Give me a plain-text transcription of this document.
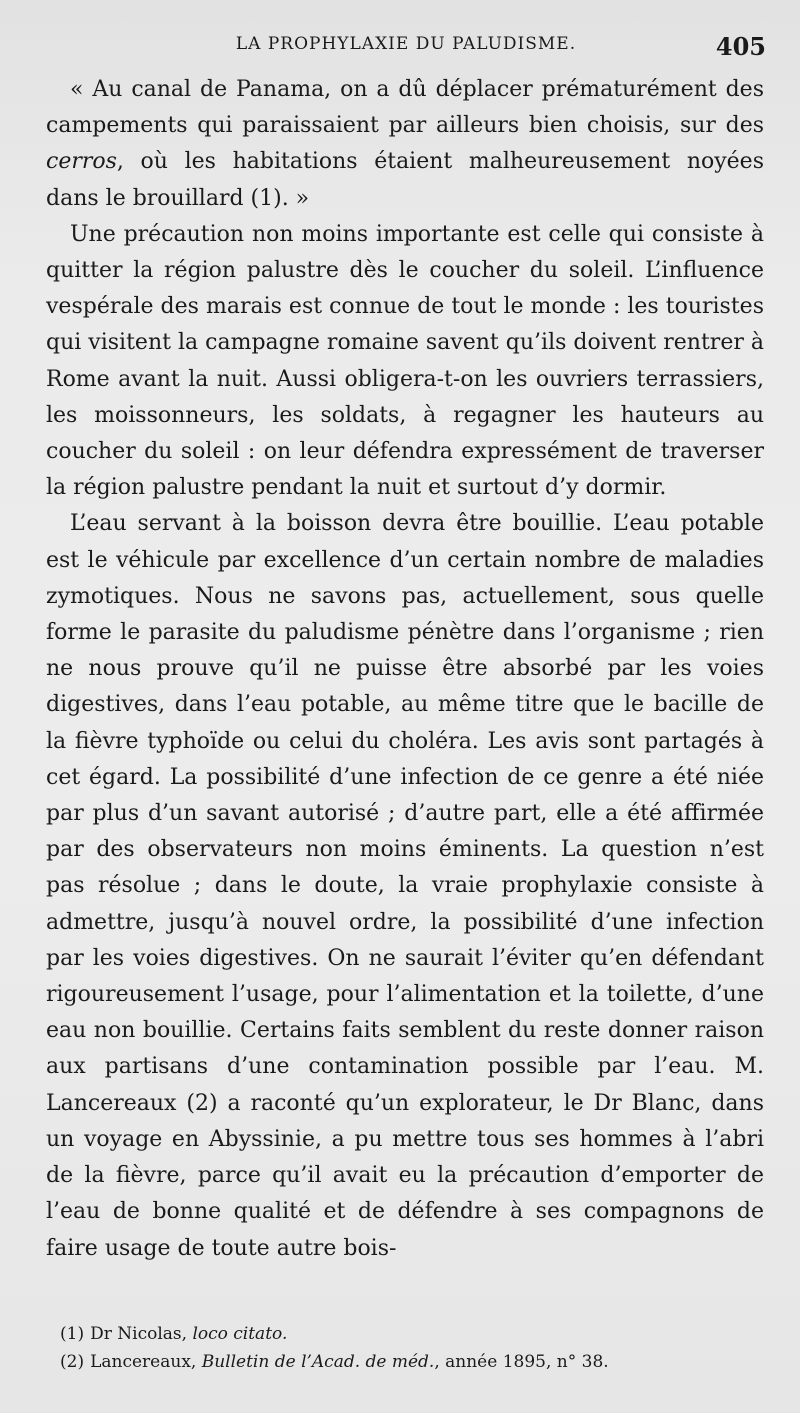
LA PROPHYLAXIE DU PALUDISME.	405

« Au canal de Panama, on a dû déplacer prématurément des campements qui paraissaient par ailleurs bien choisis, sur des cerros, où les habitations étaient malheureusement noyées dans le brouillard (1). »

Une précaution non moins importante est celle qui consiste à quitter la région palustre dès le coucher du soleil. L’influence vespérale des marais est connue de tout le monde : les touristes qui visitent la campagne romaine savent qu’ils doivent rentrer à Rome avant la nuit. Aussi obligera-t-on les ouvriers terrassiers, les moissonneurs, les soldats, à regagner les hauteurs au coucher du soleil : on leur défendra expressément de traverser la région palustre pendant la nuit et surtout d’y dormir.

L’eau servant à la boisson devra être bouillie. L’eau potable est le véhicule par excellence d’un certain nombre de maladies zymotiques. Nous ne savons pas, actuellement, sous quelle forme le parasite du paludisme pénètre dans l’organisme ; rien ne nous prouve qu’il ne puisse être absorbé par les voies digestives, dans l’eau potable, au même titre que le bacille de la fièvre typhoïde ou celui du choléra. Les avis sont partagés à cet égard. La possibilité d’une infection de ce genre a été niée par plus d’un savant autorisé ; d’autre part, elle a été affirmée par des observateurs non moins éminents. La question n’est pas résolue ; dans le doute, la vraie prophylaxie consiste à admettre, jusqu’à nouvel ordre, la possibilité d’une infection par les voies digestives. On ne saurait l’éviter qu’en défendant rigoureusement l’usage, pour l’alimentation et la toilette, d’une eau non bouillie. Certains faits semblent du reste donner raison aux partisans d’une contamination possible par l’eau. M. Lancereaux (2) a raconté qu’un explorateur, le Dr Blanc, dans un voyage en Abyssinie, a pu mettre tous ses hommes à l’abri de la fièvre, parce qu’il avait eu la précaution d’emporter de l’eau de bonne qualité et de défendre à ses compagnons de faire usage de toute autre bois-

(1) Dr Nicolas, loco citato.
(2) Lancereaux, Bulletin de l’Acad. de méd., année 1895, n° 38.
